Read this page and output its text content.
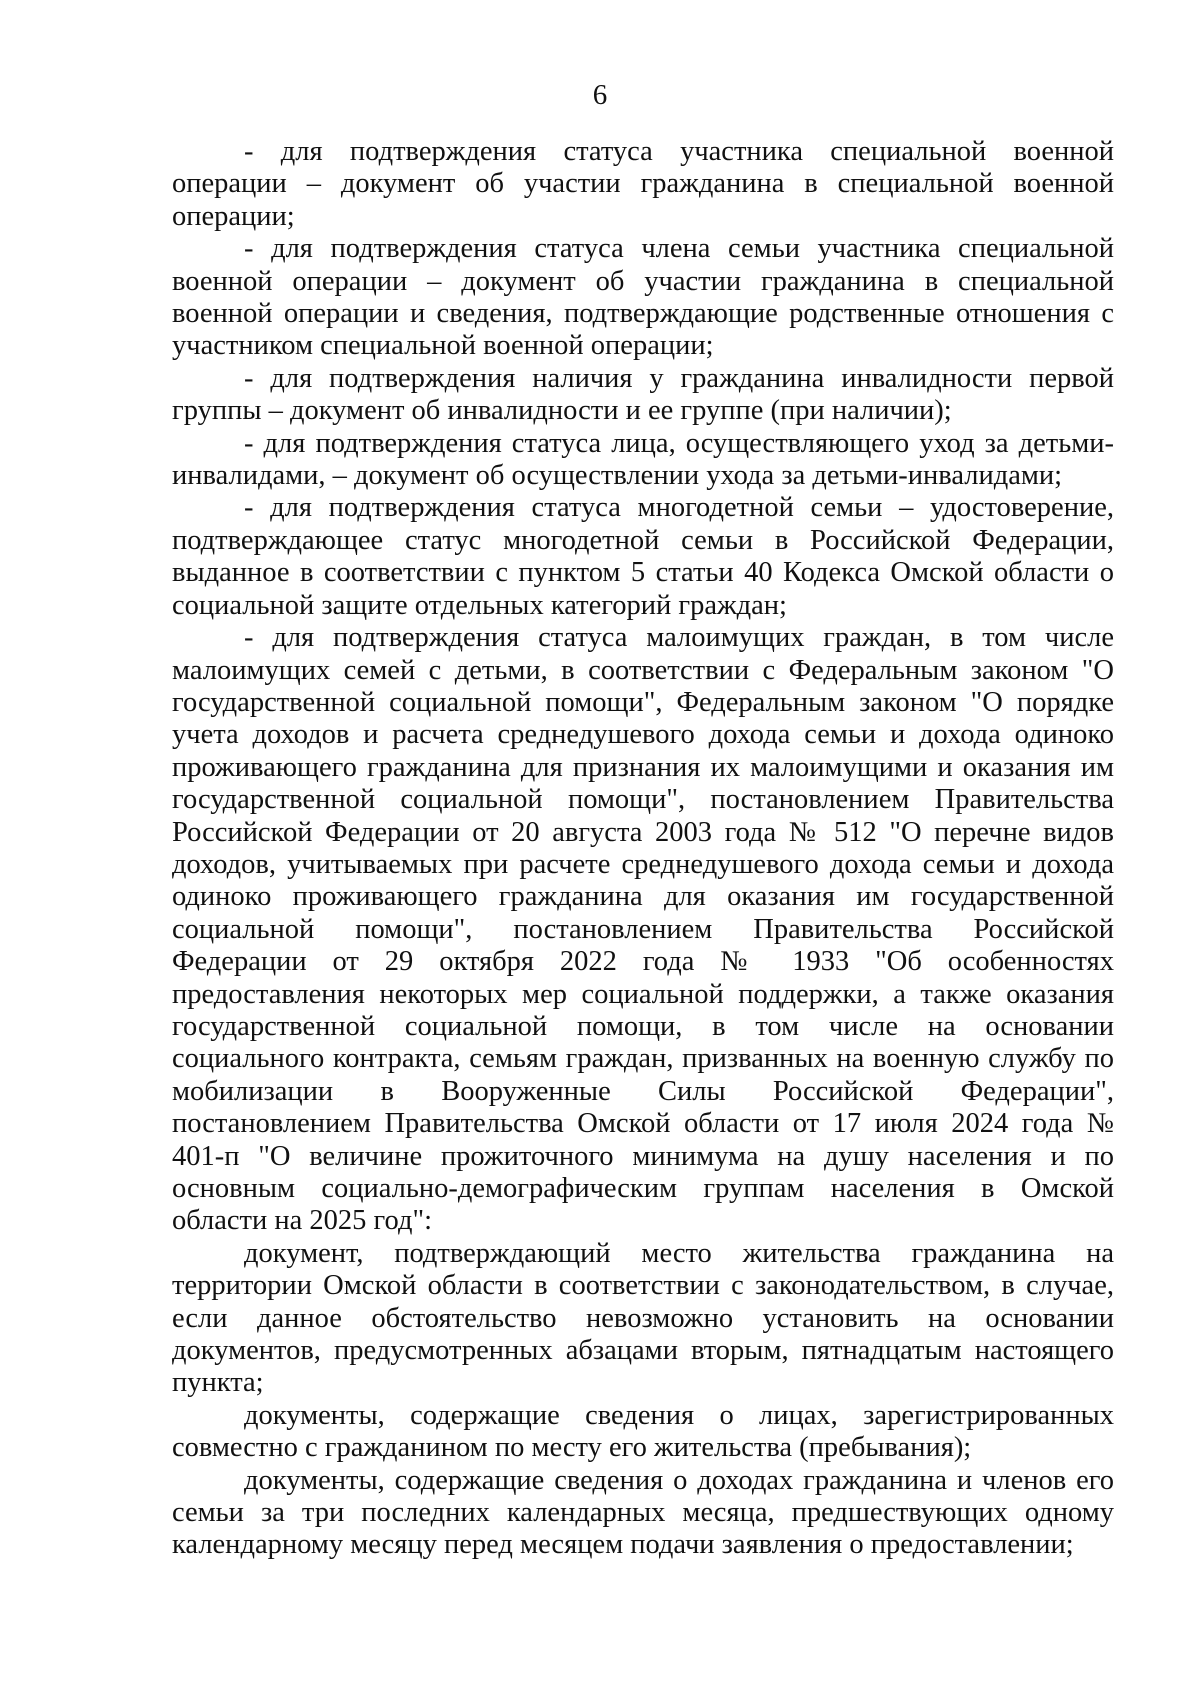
6

- для подтверждения статуса участника специальной военной операции – документ об участии гражданина в специальной военной операции;

- для подтверждения статуса члена семьи участника специальной военной операции – документ об участии гражданина в специальной военной операции и сведения, подтверждающие родственные отношения с участником специальной военной операции;

- для подтверждения наличия у гражданина инвалидности первой группы – документ об инвалидности и ее группе (при наличии);

- для подтверждения статуса лица, осуществляющего уход за детьми-инвалидами, – документ об осуществлении ухода за детьми-инвалидами;

- для подтверждения статуса многодетной семьи – удостоверение, подтверждающее статус многодетной семьи в Российской Федерации, выданное в соответствии с пунктом 5 статьи 40 Кодекса Омской области о социальной защите отдельных категорий граждан;

- для подтверждения статуса малоимущих граждан, в том числе малоимущих семей с детьми, в соответствии с Федеральным законом "О государственной социальной помощи", Федеральным законом "О порядке учета доходов и расчета среднедушевого дохода семьи и дохода одиноко проживающего гражданина для признания их малоимущими и оказания им государственной социальной помощи", постановлением Правительства Российской Федерации от 20 августа 2003 года № 512 "О перечне видов доходов, учитываемых при расчете среднедушевого дохода семьи и дохода одиноко проживающего гражданина для оказания им государственной социальной помощи", постановлением Правительства Российской Федерации от 29 октября 2022 года № 1933 "Об особенностях предоставления некоторых мер социальной поддержки, а также оказания государственной социальной помощи, в том числе на основании социального контракта, семьям граждан, призванных на военную службу по мобилизации в Вооруженные Силы Российской Федерации", постановлением Правительства Омской области от 17 июля 2024 года № 401-п "О величине прожиточного минимума на душу населения и по основным социально-демографическим группам населения в Омской области на 2025 год":

документ, подтверждающий место жительства гражданина на территории Омской области в соответствии с законодательством, в случае, если данное обстоятельство невозможно установить на основании документов, предусмотренных абзацами вторым, пятнадцатым настоящего пункта;

документы, содержащие сведения о лицах, зарегистрированных совместно с гражданином по месту его жительства (пребывания);

документы, содержащие сведения о доходах гражданина и членов его семьи за три последних календарных месяца, предшествующих одному календарному месяцу перед месяцем подачи заявления о предоставлении;
